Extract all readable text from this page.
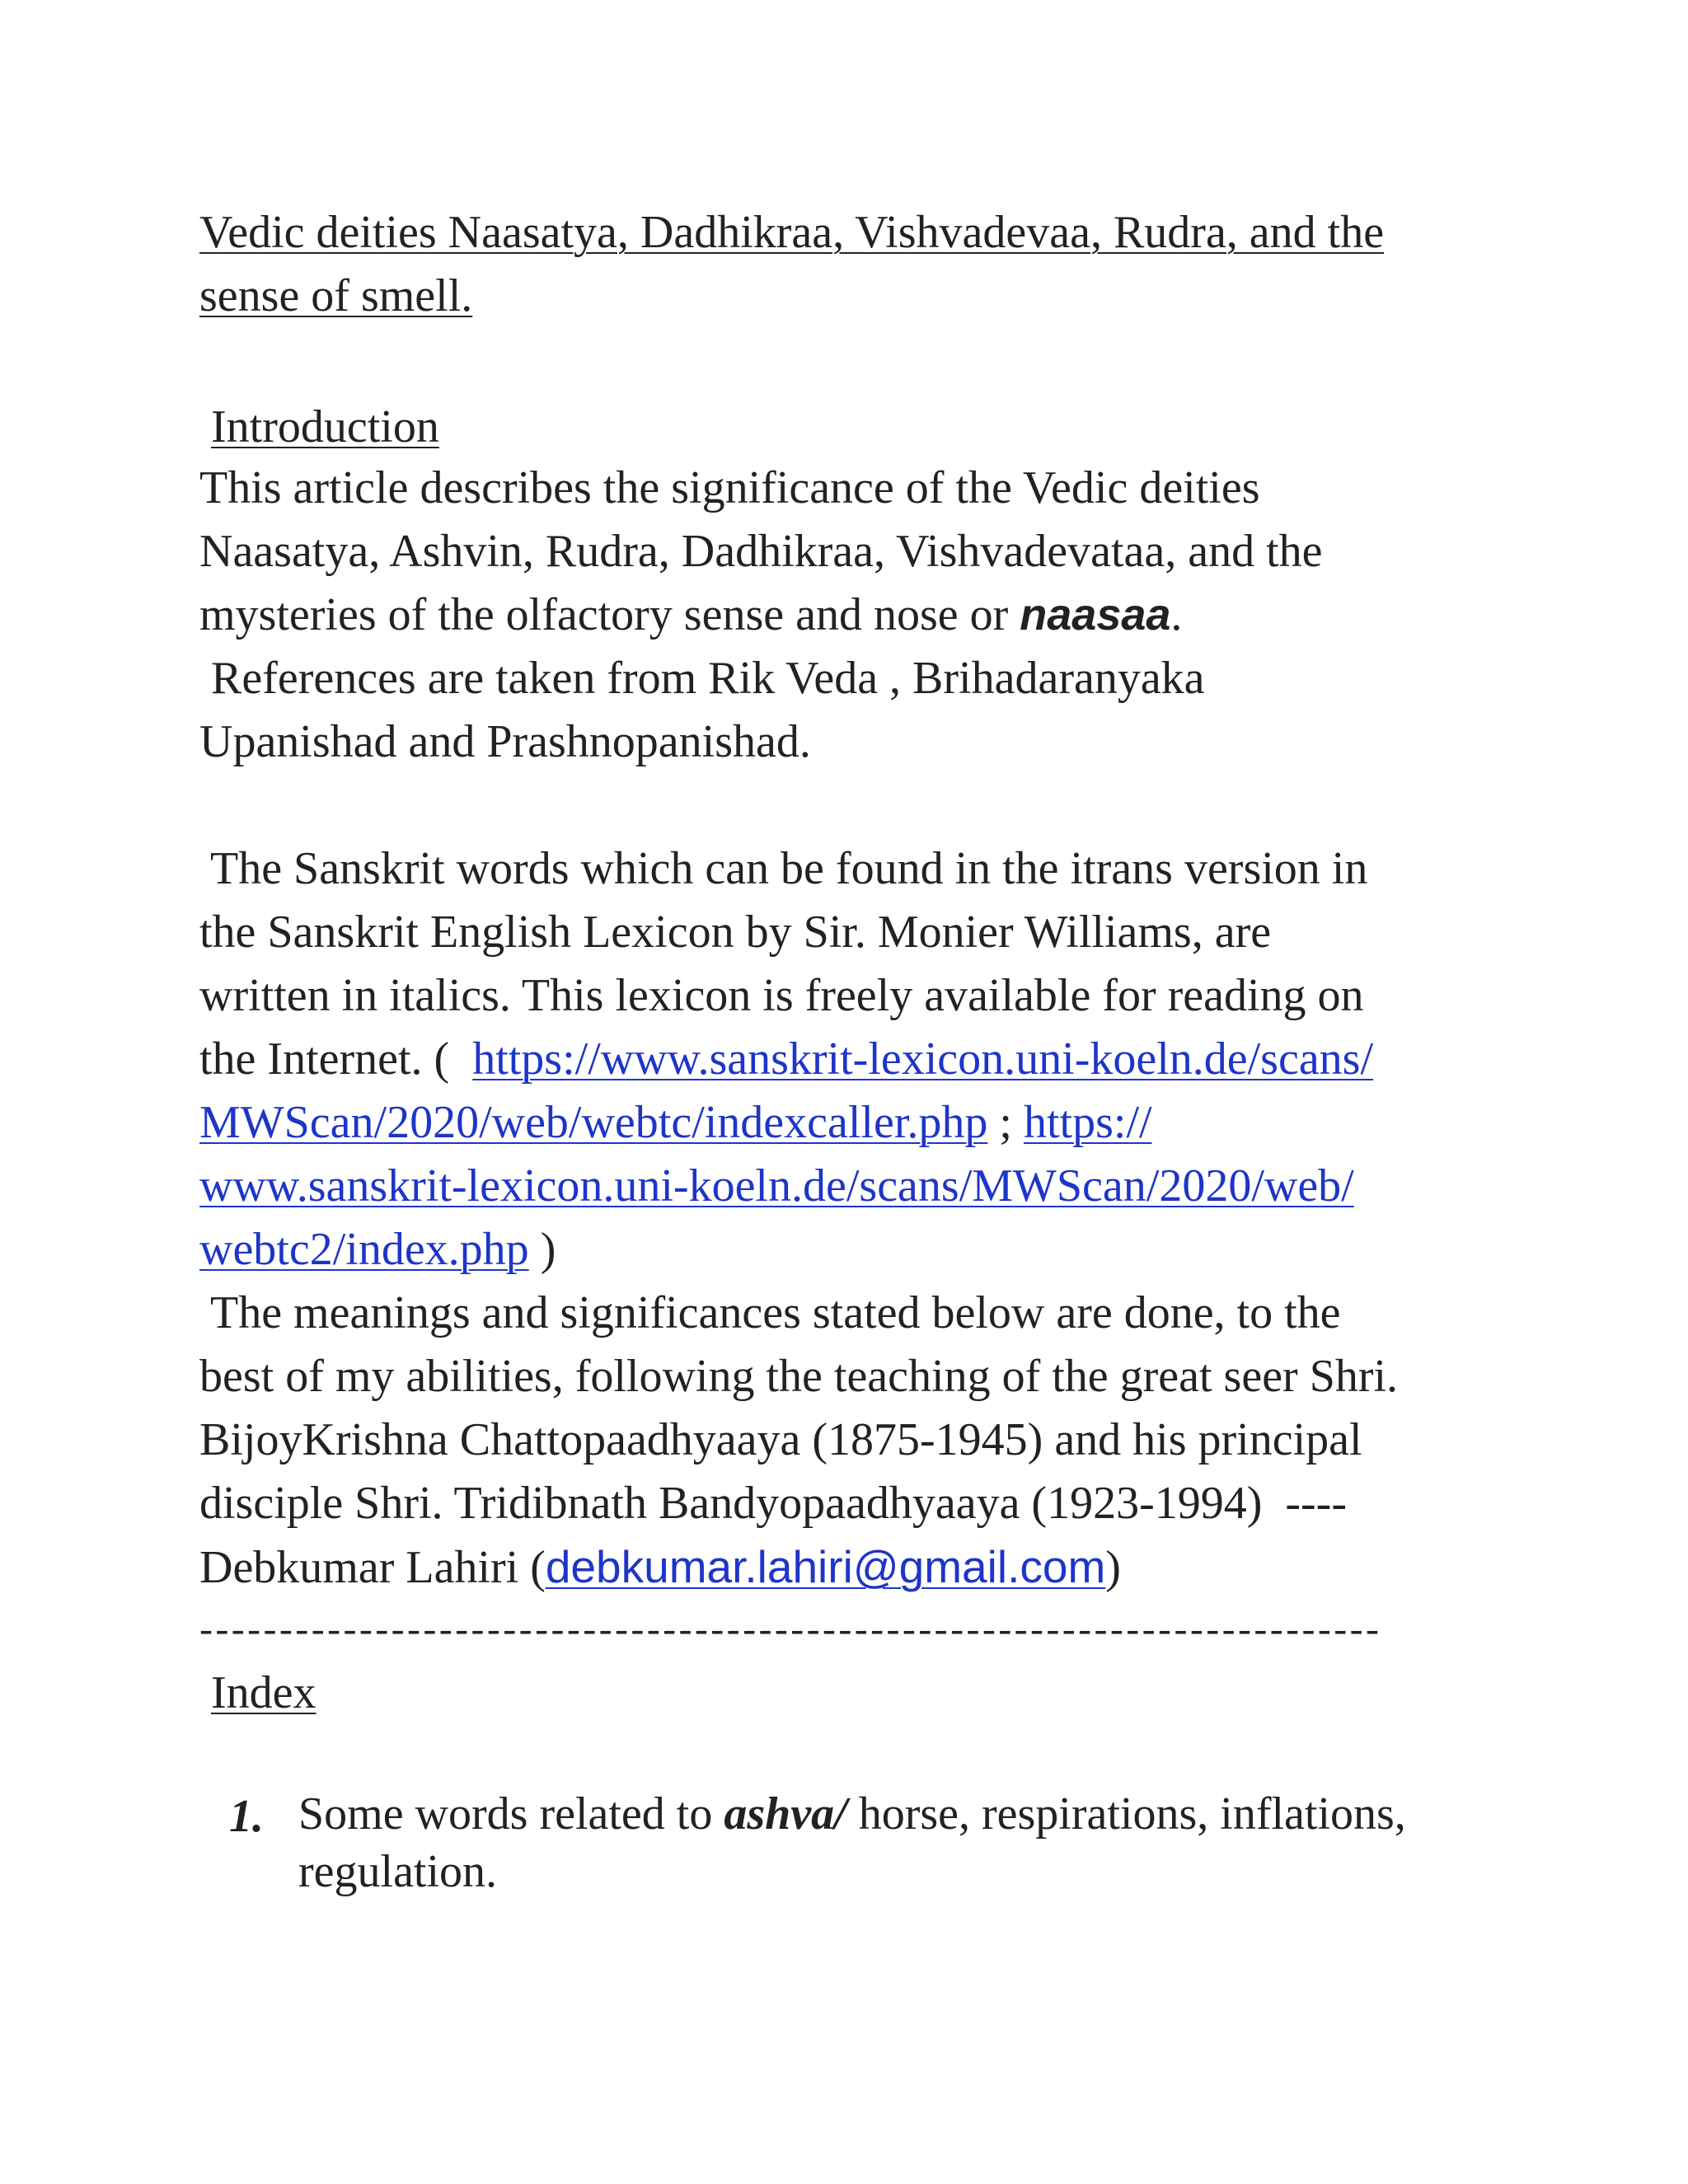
Vedic deities Naasatya, Dadhikraa, Vishvadevaa, Rudra, and the
sense of smell.
Introduction
This article describes the significance of the Vedic deities
Naasatya, Ashvin, Rudra, Dadhikraa, Vishvadevataa, and the
mysteries of the olfactory sense and nose or naasaa.
References are taken from Rik Veda , Brihadaranyaka
Upanishad and Prashnopanishad.
The Sanskrit words which can be found in the itrans version in
the Sanskrit English Lexicon by Sir. Monier Williams, are
written in italics. This lexicon is freely available for reading on
the Internet. (  https://www.sanskrit-lexicon.uni-koeln.de/scans/
MWScan/2020/web/webtc/indexcaller.php ; https://
www.sanskrit-lexicon.uni-koeln.de/scans/MWScan/2020/web/
webtc2/index.php )
The meanings and significances stated below are done, to the
best of my abilities, following the teaching of the great seer Shri.
BijoyKrishna Chattopaadhyaaya (1875-1945) and his principal
disciple Shri. Tridibnath Bandyopaadhyaaya (1923-1994)  ----
Debkumar Lahiri (debkumar.lahiri@gmail.com)
--------------------------------------------------------------------------
Index
1. Some words related to ashva/ horse, respirations, inflations,
regulation.
